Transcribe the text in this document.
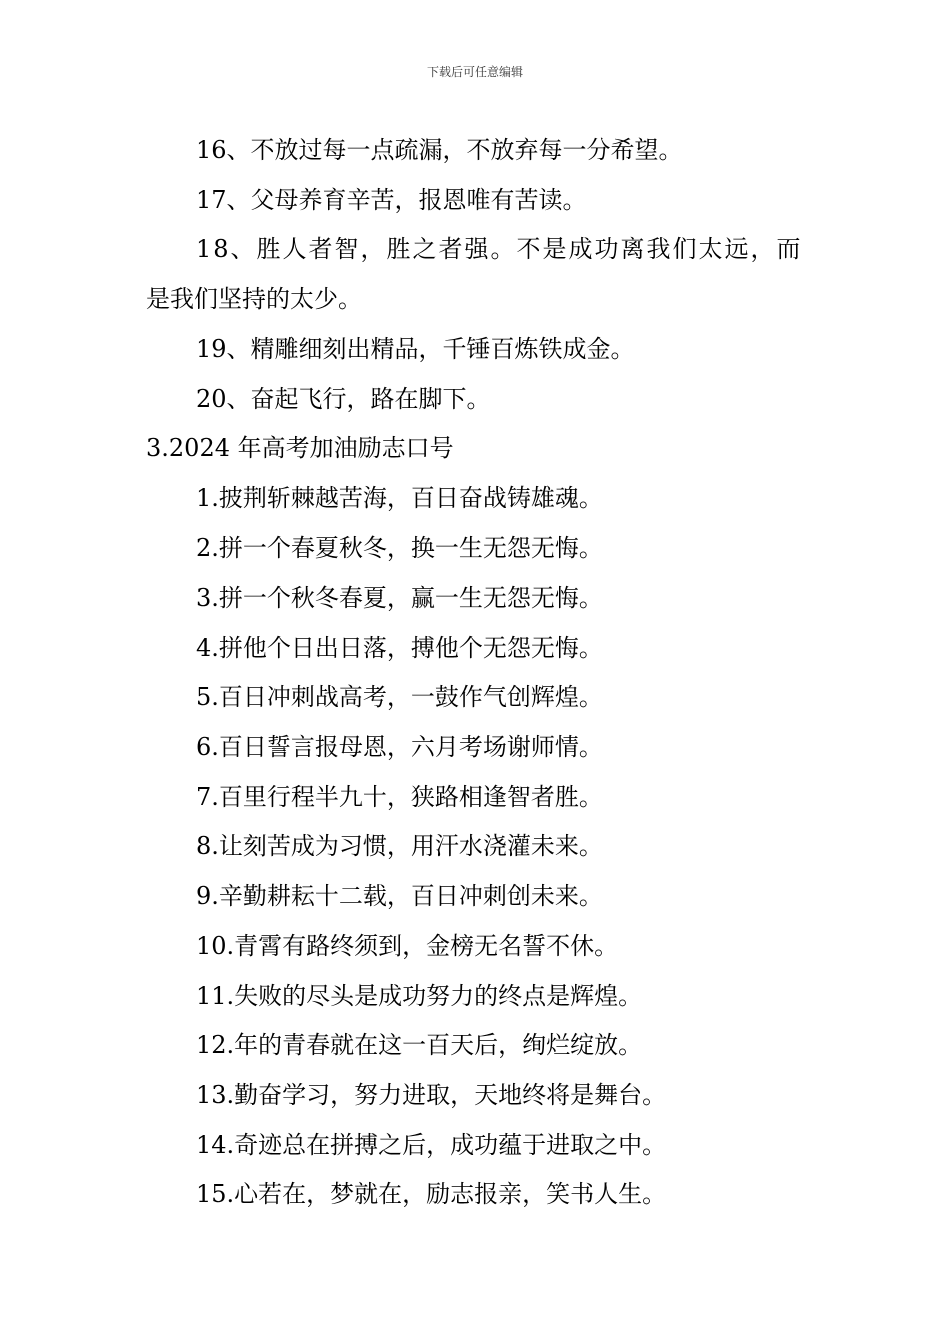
下载后可任意编辑
16、不放过每一点疏漏，不放弃每一分希望。
17、父母养育辛苦，报恩唯有苦读。
18、胜人者智，胜之者强。不是成功离我们太远，而
是我们坚持的太少。
19、精雕细刻出精品，千锤百炼铁成金。
20、奋起飞行，路在脚下。
3.2024 年高考加油励志口号
1.披荆斩棘越苦海，百日奋战铸雄魂。
2.拼一个春夏秋冬，换一生无怨无悔。
3.拼一个秋冬春夏，赢一生无怨无悔。
4.拼他个日出日落，搏他个无怨无悔。
5.百日冲刺战高考，一鼓作气创辉煌。
6.百日誓言报母恩，六月考场谢师情。
7.百里行程半九十，狭路相逢智者胜。
8.让刻苦成为习惯，用汗水浇灌未来。
9.辛勤耕耘十二载，百日冲刺创未来。
10.青霄有路终须到，金榜无名誓不休。
11.失败的尽头是成功努力的终点是辉煌。
12.年的青春就在这一百天后，绚烂绽放。
13.勤奋学习，努力进取，天地终将是舞台。
14.奇迹总在拼搏之后，成功蕴于进取之中。
15.心若在，梦就在，励志报亲，笑书人生。
